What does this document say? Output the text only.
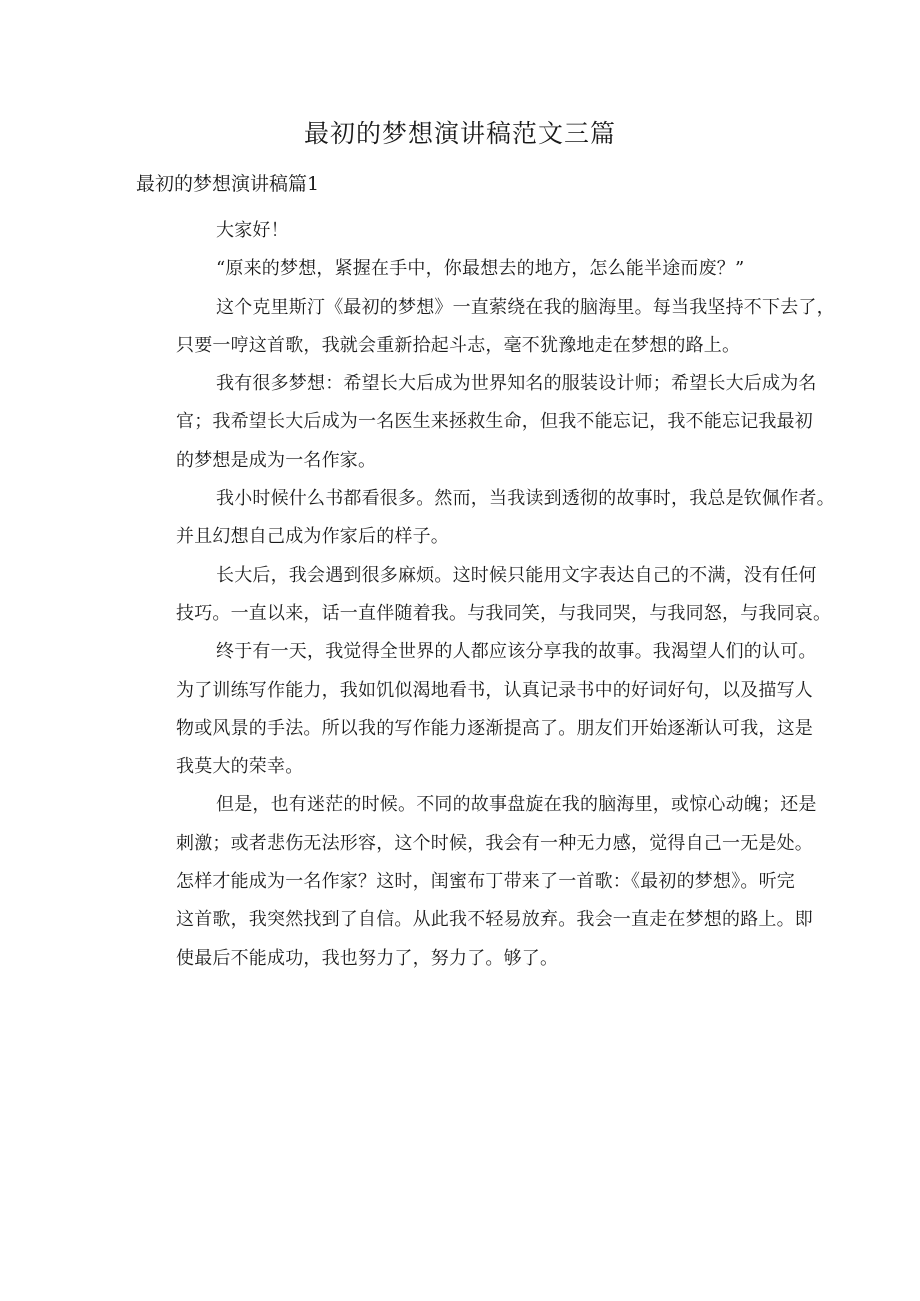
最初的梦想演讲稿范文三篇
最初的梦想演讲稿篇1
大家好！
“原来的梦想，紧握在手中，你最想去的地方，怎么能半途而废？”
这个克里斯汀《最初的梦想》一直萦绕在我的脑海里。每当我坚持不下去了，
只要一哼这首歌，我就会重新拾起斗志，毫不犹豫地走在梦想的路上。
我有很多梦想：希望长大后成为世界知名的服装设计师；希望长大后成为名
官；我希望长大后成为一名医生来拯救生命，但我不能忘记，我不能忘记我最初
的梦想是成为一名作家。
我小时候什么书都看很多。然而，当我读到透彻的故事时，我总是钦佩作者。
并且幻想自己成为作家后的样子。
长大后，我会遇到很多麻烦。这时候只能用文字表达自己的不满，没有任何
技巧。一直以来，话一直伴随着我。与我同笑，与我同哭，与我同怒，与我同哀。
终于有一天，我觉得全世界的人都应该分享我的故事。我渴望人们的认可。
为了训练写作能力，我如饥似渴地看书，认真记录书中的好词好句，以及描写人
物或风景的手法。所以我的写作能力逐渐提高了。朋友们开始逐渐认可我，这是
我莫大的荣幸。
但是，也有迷茫的时候。不同的故事盘旋在我的脑海里，或惊心动魄；还是
刺激；或者悲伤无法形容，这个时候，我会有一种无力感，觉得自己一无是处。
怎样才能成为一名作家？这时，闺蜜布丁带来了一首歌：《最初的梦想》。听完
这首歌，我突然找到了自信。从此我不轻易放弃。我会一直走在梦想的路上。即
使最后不能成功，我也努力了，努力了。够了。
